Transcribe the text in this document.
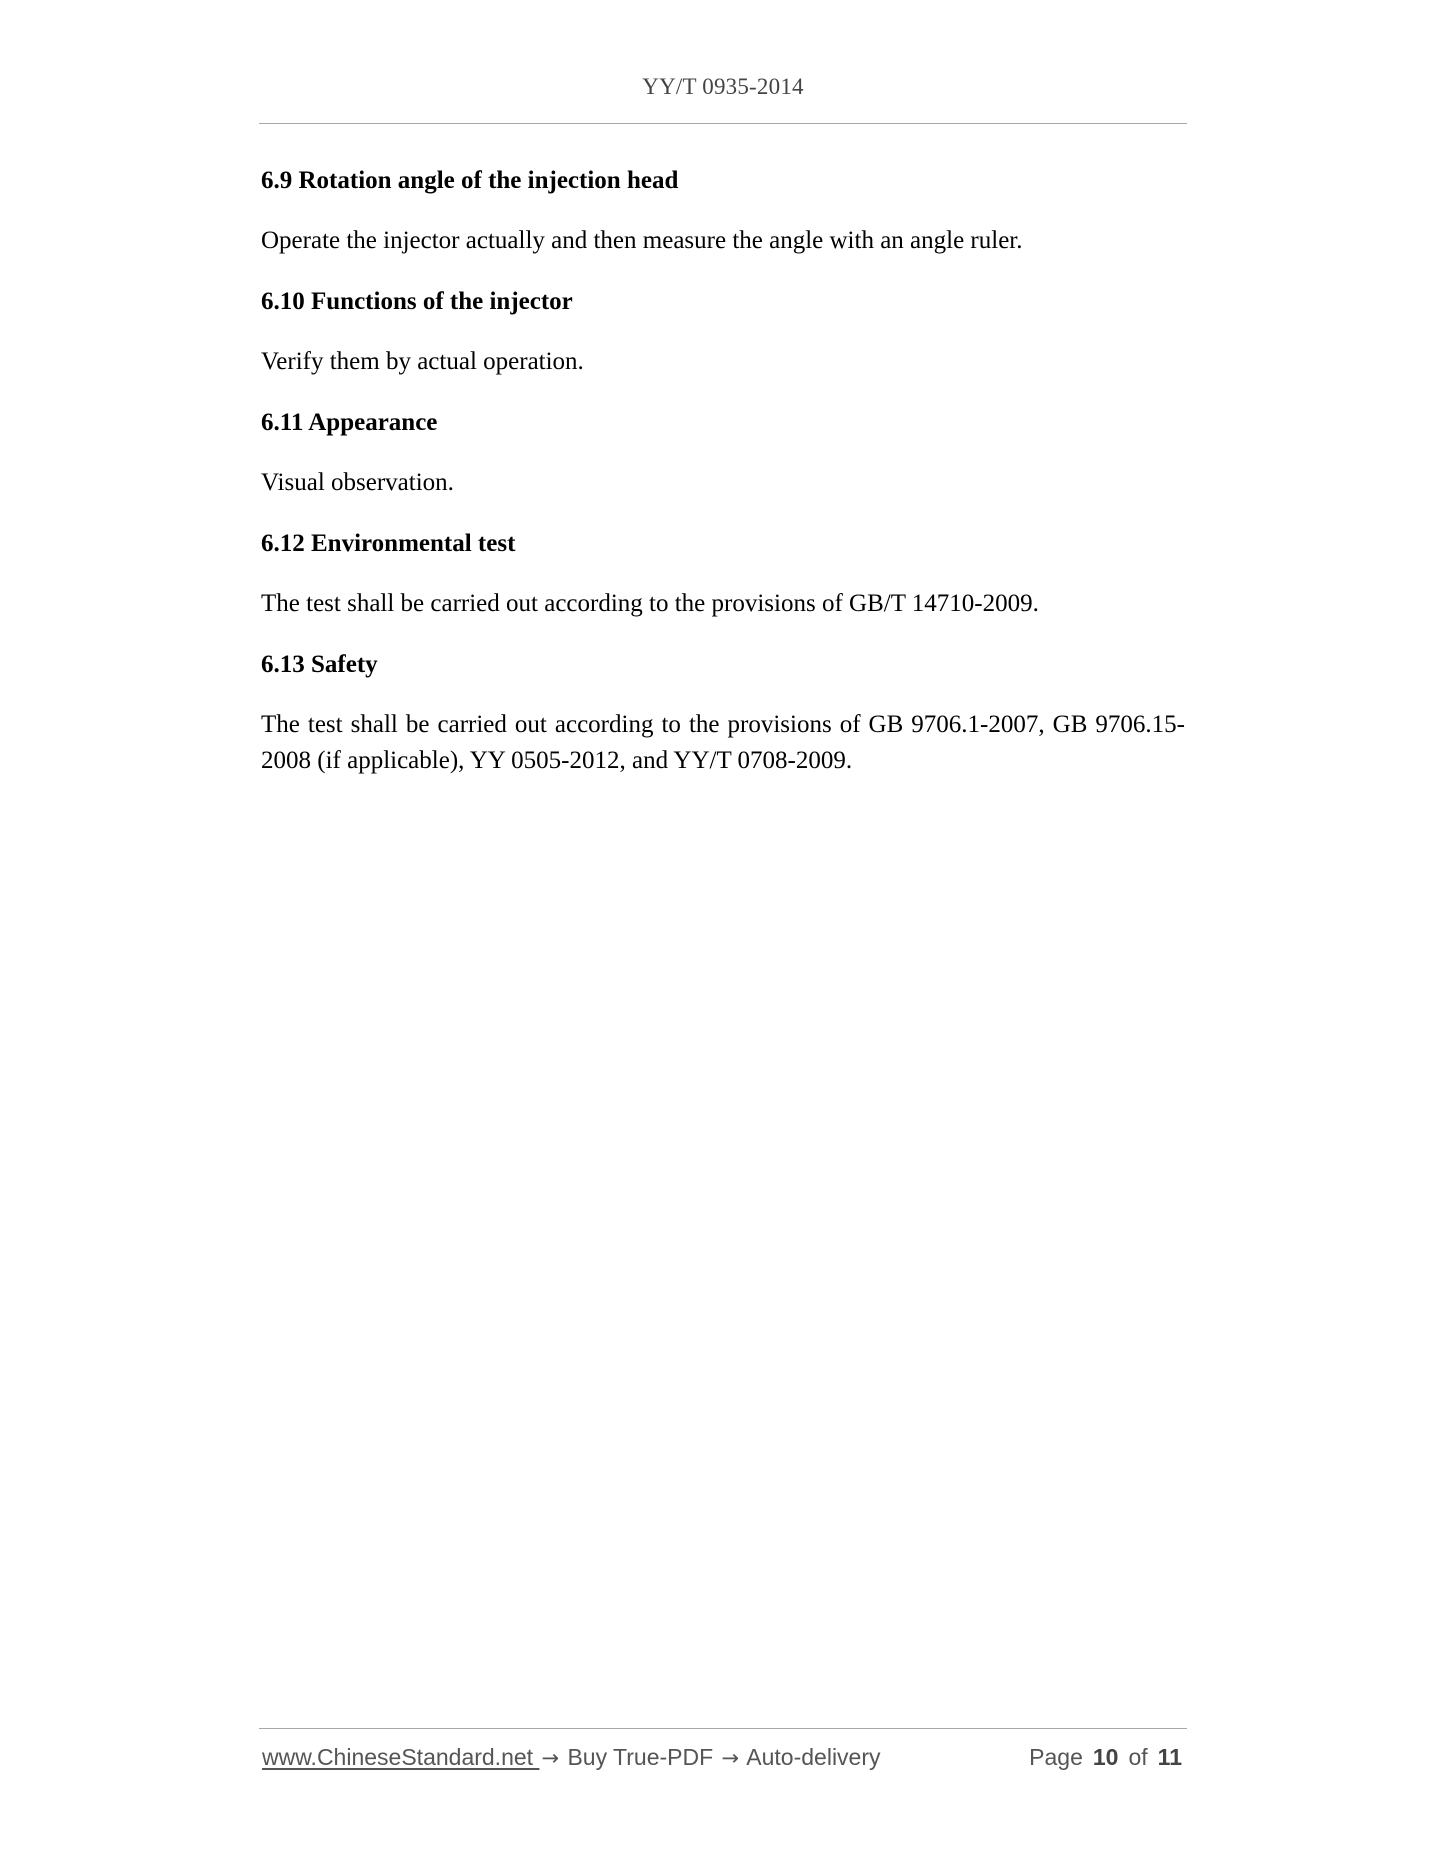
YY/T 0935-2014

6.9 Rotation angle of the injection head

Operate the injector actually and then measure the angle with an angle ruler.

6.10 Functions of the injector

Verify them by actual operation.

6.11 Appearance

Visual observation.

6.12 Environmental test

The test shall be carried out according to the provisions of GB/T 14710-2009.

6.13 Safety

The test shall be carried out according to the provisions of GB 9706.1-2007, GB 9706.15-2008 (if applicable), YY 0505-2012, and YY/T 0708-2009.

www.ChineseStandard.net → Buy True-PDF → Auto-delivery	Page 10 of 11
